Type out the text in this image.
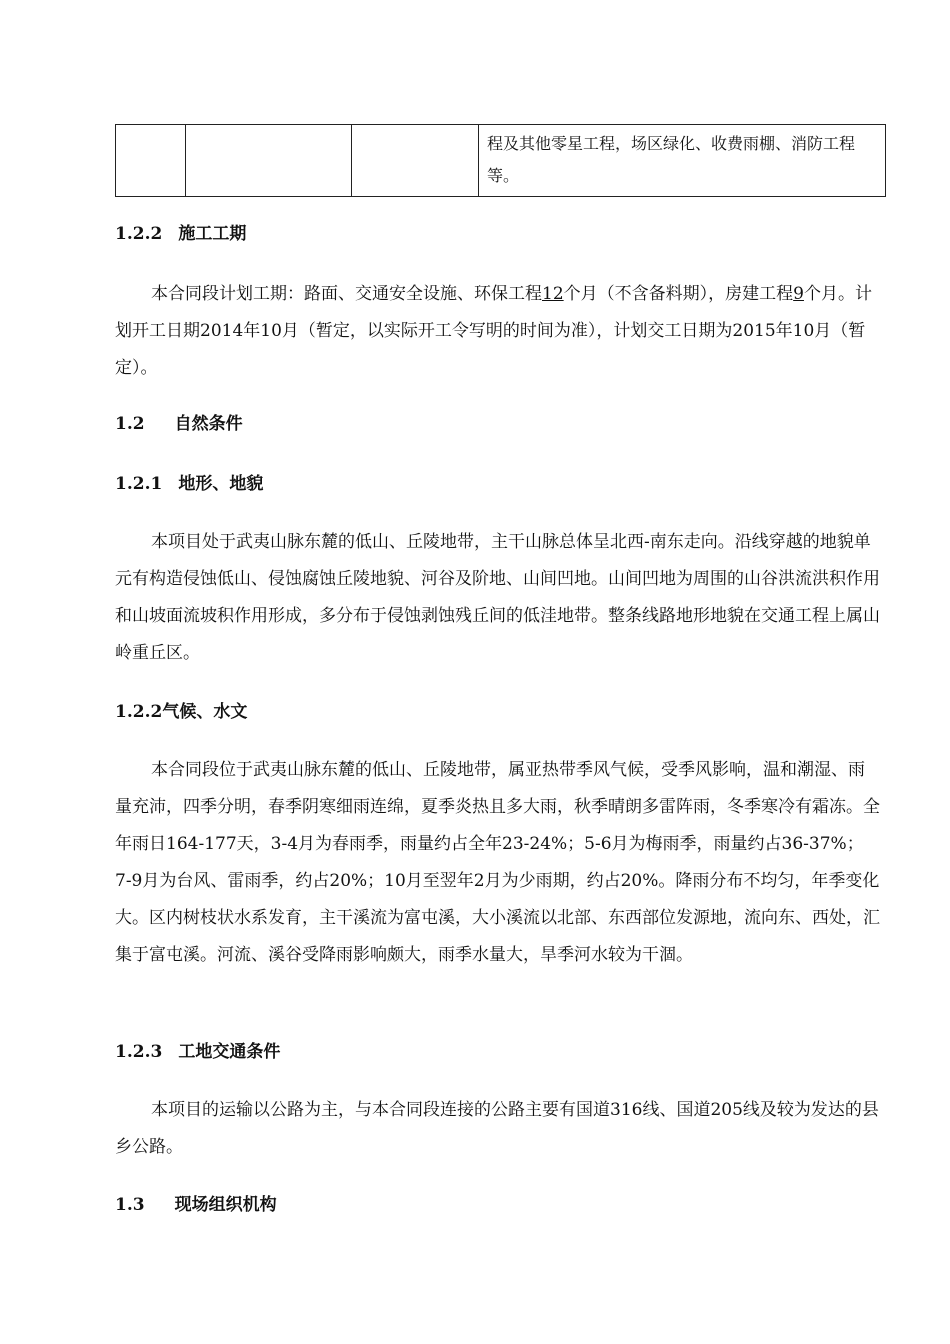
程及其他零星工程，场区绿化、收费雨棚、消防工程
等。
1.2.2 施工工期

本合同段计划工期：路面、交通安全设施、环保工程12个月（不含备料期），房建工程9个月。计划开工日期2014年10月（暂定，以实际开工令写明的时间为准），计划交工日期为2015年10月（暂定）。

1.2 自然条件
1.2.1 地形、地貌

本项目处于武夷山脉东麓的低山、丘陵地带，主干山脉总体呈北西-南东走向。沿线穿越的地貌单元有构造侵蚀低山、侵蚀腐蚀丘陵地貌、河谷及阶地、山间凹地。山间凹地为周围的山谷洪流洪积作用和山坡面流坡积作用形成，多分布于侵蚀剥蚀残丘间的低洼地带。整条线路地形地貌在交通工程上属山岭重丘区。

1.2.2气候、水文

本合同段位于武夷山脉东麓的低山、丘陵地带，属亚热带季风气候，受季风影响，温和潮湿、雨量充沛，四季分明，春季阴寒细雨连绵，夏季炎热且多大雨，秋季晴朗多雷阵雨，冬季寒冷有霜冻。全年雨日164-177天，3-4月为春雨季，雨量约占全年23-24%；5-6月为梅雨季，雨量约占36-37%；7-9月为台风、雷雨季，约占20%；10月至翌年2月为少雨期，约占20%。降雨分布不均匀，年季变化大。区内树枝状水系发育，主干溪流为富屯溪，大小溪流以北部、东西部位发源地，流向东、西处，汇集于富屯溪。河流、溪谷受降雨影响颇大，雨季水量大，旱季河水较为干涸。

1.2.3 工地交通条件

本项目的运输以公路为主，与本合同段连接的公路主要有国道316线、国道205线及较为发达的县乡公路。

1.3 现场组织机构
